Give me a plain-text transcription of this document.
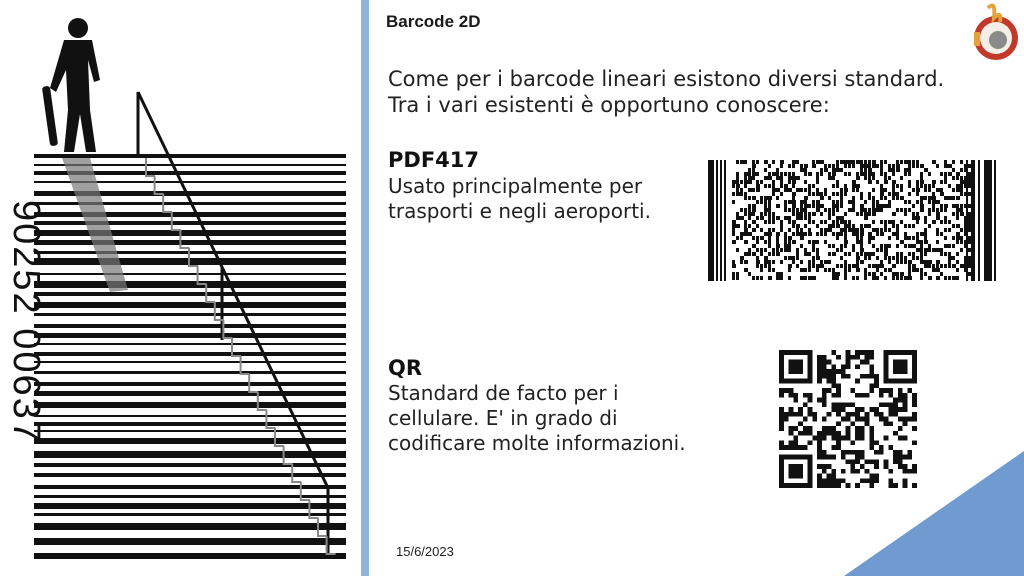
90252 00637
Barcode 2D
Come per i barcode lineari esistono diversi standard.
Tra i vari esistenti è opportuno conoscere:
PDF417
Usato principalmente per
trasporti e negli aeroporti.
QR
Standard de facto per i
cellulare. E' in grado di
codificare molte informazioni.
15/6/2023
